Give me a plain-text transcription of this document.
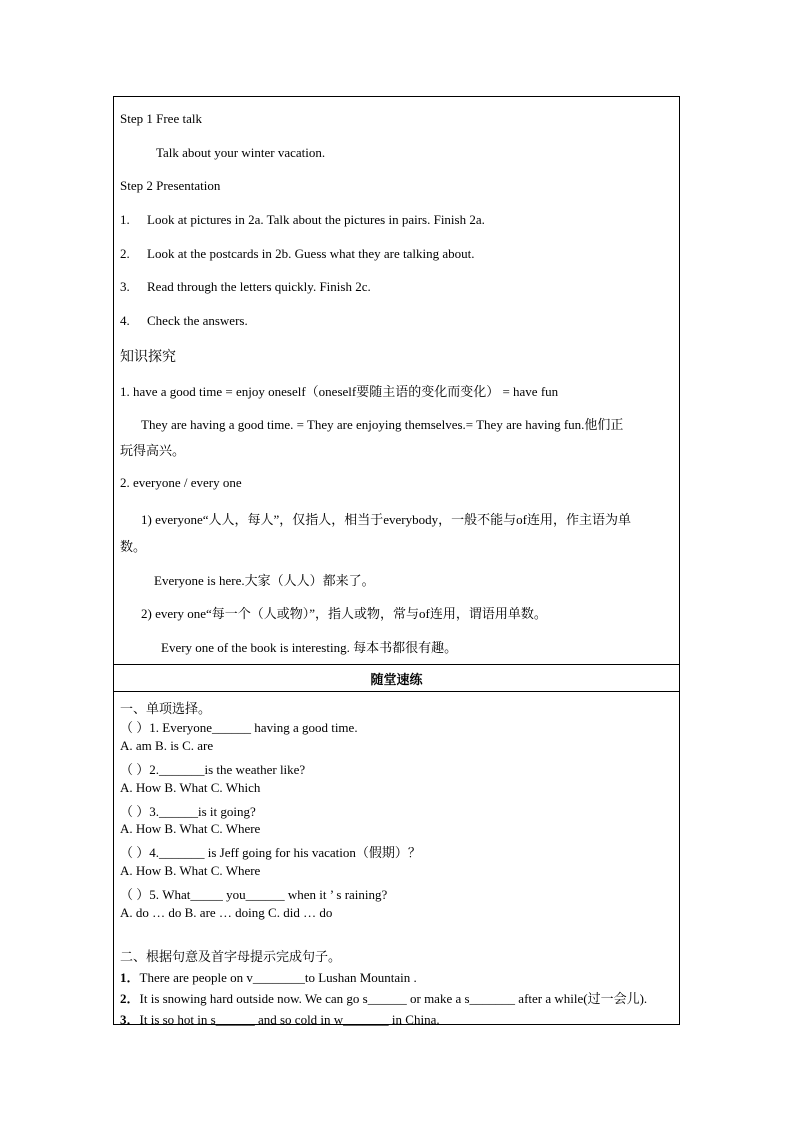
Step 1 Free talk
Talk about your winter vacation.
Step 2 Presentation
1. Look at pictures in 2a. Talk about the pictures in pairs. Finish 2a.
2. Look at the postcards in 2b. Guess what they are talking about.
3. Read through the letters quickly. Finish 2c.
4. Check the answers.
知识探究
1. have a good time = enjoy oneself（oneself要随主语的变化而变化） = have fun
They are having a good time. = They are enjoying themselves.= They are having fun.他们正
玩得高兴。
2. everyone / every one
1) everyone“人人，每人”，仅指人，相当于everybody，一般不能与of连用，作主语为单
数。
Everyone is here.大家（人人）都来了。
2) every one“每一个（人或物）”，指人或物，常与of连用，谓语用单数。
Every one of the book is interesting. 每本书都很有趣。
随堂速练
一、单项选择。
（ ）1. Everyone______ having a good time.
A. am B. is C. are
（ ）2._______is the weather like?
A. How B. What C. Which
（ ）3.______is it going?
A. How B. What C. Where
（ ）4._______ is Jeff going for his vacation（假期）？
A. How B. What C. Where
（ ）5. What_____ you______ when it ’ s raining?
A. do … do B. are … doing C. did … do
二、根据句意及首字母提示完成句子。
1．There are people on v________to Lushan Mountain .
2．It is snowing hard outside now. We can go s______ or make a s_______ after a while(过一会儿).
3．It is so hot in s______ and so cold in w_______ in China.
